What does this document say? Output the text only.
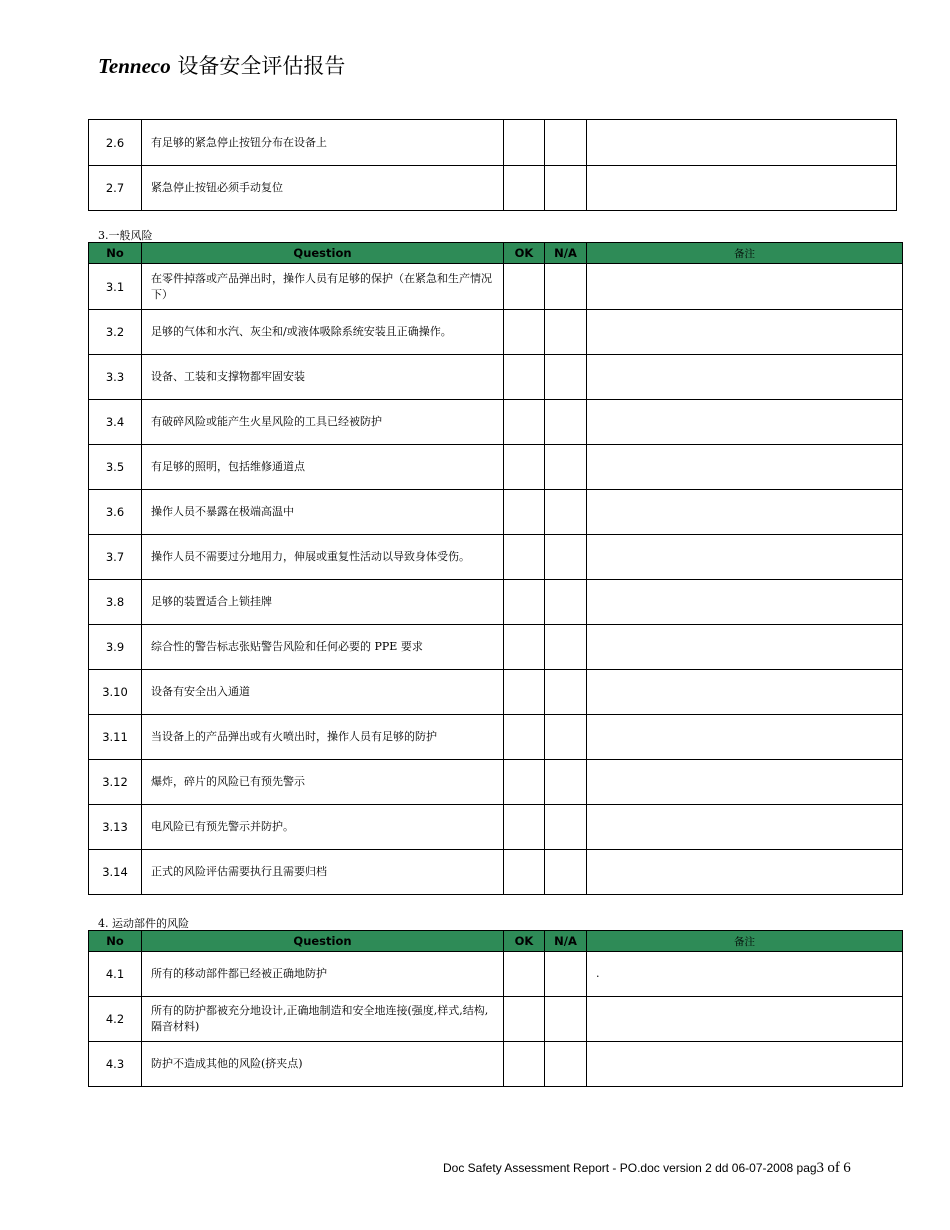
Tenneco 设备安全评估报告
2.6	有足够的紧急停止按钮分布在设备上			
2.7	紧急停止按钮必须手动复位			
3.一般风险
No	Question	OK	N/A	备注
3.1	在零件掉落或产品弹出时，操作人员有足够的保护（在紧急和生产情况下）			
3.2	足够的气体和水汽、灰尘和/或液体吸除系统安装且正确操作。			
3.3	设备、工装和支撑物都牢固安装			
3.4	有破碎风险或能产生火星风险的工具已经被防护			
3.5	有足够的照明，包括维修通道点			
3.6	操作人员不暴露在极端高温中			
3.7	操作人员不需要过分地用力，伸展或重复性活动以导致身体受伤。			
3.8	足够的装置适合上锁挂牌			
3.9	综合性的警告标志张贴警告风险和任何必要的 PPE 要求			
3.10	设备有安全出入通道			
3.11	当设备上的产品弹出或有火喷出时，操作人员有足够的防护			
3.12	爆炸，碎片的风险已有预先警示			
3.13	电风险已有预先警示并防护。			
3.14	正式的风险评估需要执行且需要归档			
4. 运动部件的风险
No	Question	OK	N/A	备注
4.1	所有的移动部件都已经被正确地防护			.
4.2	所有的防护都被充分地设计,正确地制造和安全地连接(强度,样式,结构,隔音材料)			
4.3	防护不造成其他的风险(挤夹点)			
Doc Safety Assessment Report - PO.doc version 2 dd 06-07-2008 pag3 of 6
